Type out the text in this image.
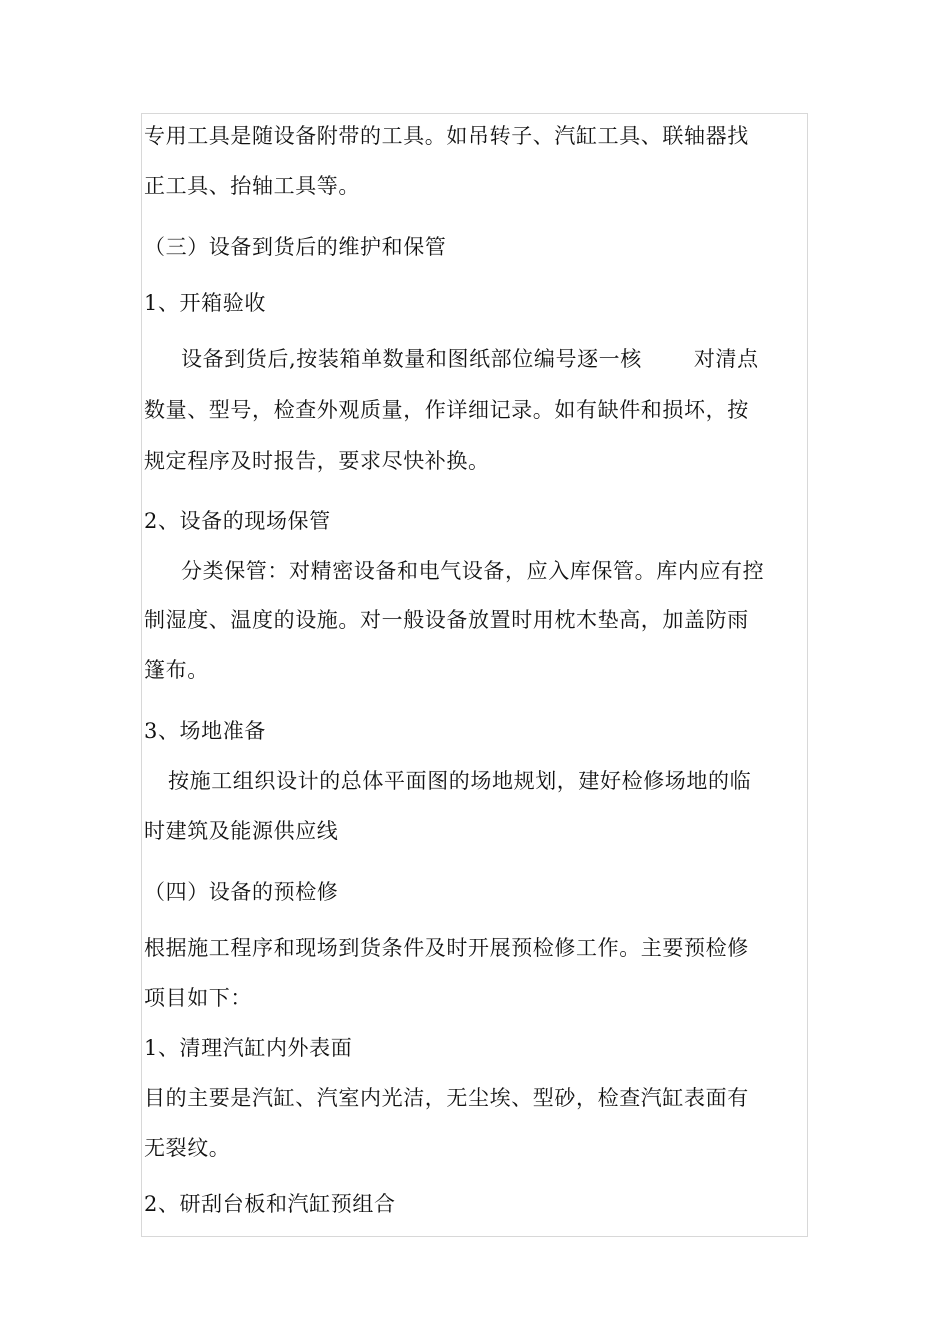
专用工具是随设备附带的工具。如吊转子、汽缸工具、联轴器找
正工具、抬轴工具等。
（三）设备到货后的维护和保管
1、开箱验收
设备到货后,按装箱单数量和图纸部位编号逐一核 对清点
数量、型号，检查外观质量，作详细记录。如有缺件和损坏，按
规定程序及时报告，要求尽快补换。
2、设备的现场保管
分类保管：对精密设备和电气设备，应入库保管。库内应有控
制湿度、温度的设施。对一般设备放置时用枕木垫高，加盖防雨
篷布。
3、场地准备
按施工组织设计的总体平面图的场地规划，建好检修场地的临
时建筑及能源供应线
（四）设备的预检修
根据施工程序和现场到货条件及时开展预检修工作。主要预检修
项目如下：
1、清理汽缸内外表面
目的主要是汽缸、汽室内光洁，无尘埃、型砂，检查汽缸表面有
无裂纹。
2、研刮台板和汽缸预组合
